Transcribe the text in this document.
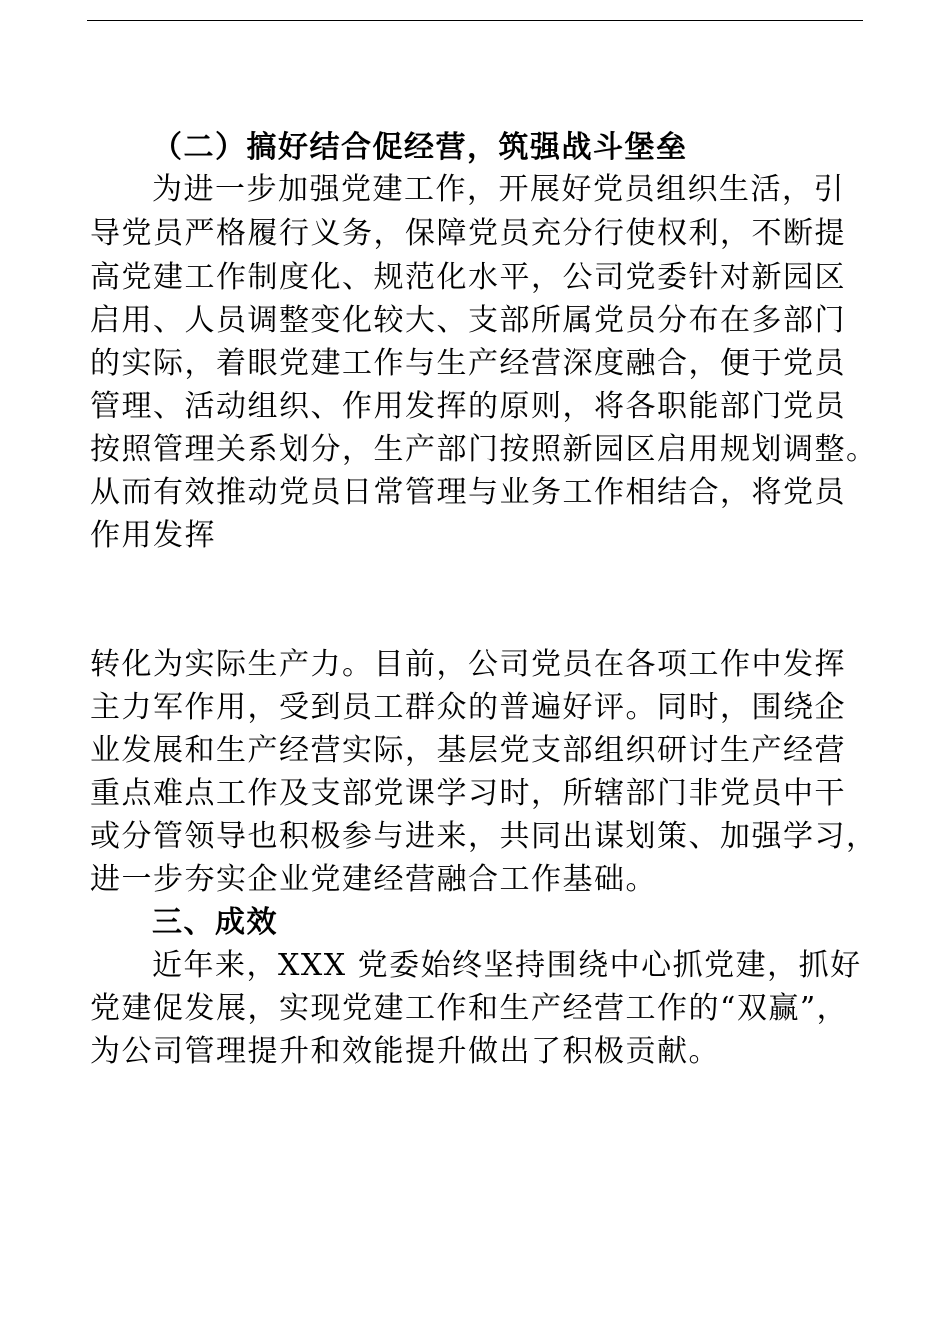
（二）搞好结合促经营，筑强战斗堡垒
为进一步加强党建工作，开展好党员组织生活，引
导党员严格履行义务，保障党员充分行使权利，不断提
高党建工作制度化、规范化水平，公司党委针对新园区
启用、人员调整变化较大、支部所属党员分布在多部门
的实际，着眼党建工作与生产经营深度融合，便于党员
管理、活动组织、作用发挥的原则，将各职能部门党员
按照管理关系划分，生产部门按照新园区启用规划调整。
从而有效推动党员日常管理与业务工作相结合，将党员
作用发挥
转化为实际生产力。目前，公司党员在各项工作中发挥
主力军作用，受到员工群众的普遍好评。同时，围绕企
业发展和生产经营实际，基层党支部组织研讨生产经营
重点难点工作及支部党课学习时，所辖部门非党员中干
或分管领导也积极参与进来，共同出谋划策、加强学习，
进一步夯实企业党建经营融合工作基础。
三、成效
近年来，XXX 党委始终坚持围绕中心抓党建，抓好
党建促发展，实现党建工作和生产经营工作的“双赢”，
为公司管理提升和效能提升做出了积极贡献。
